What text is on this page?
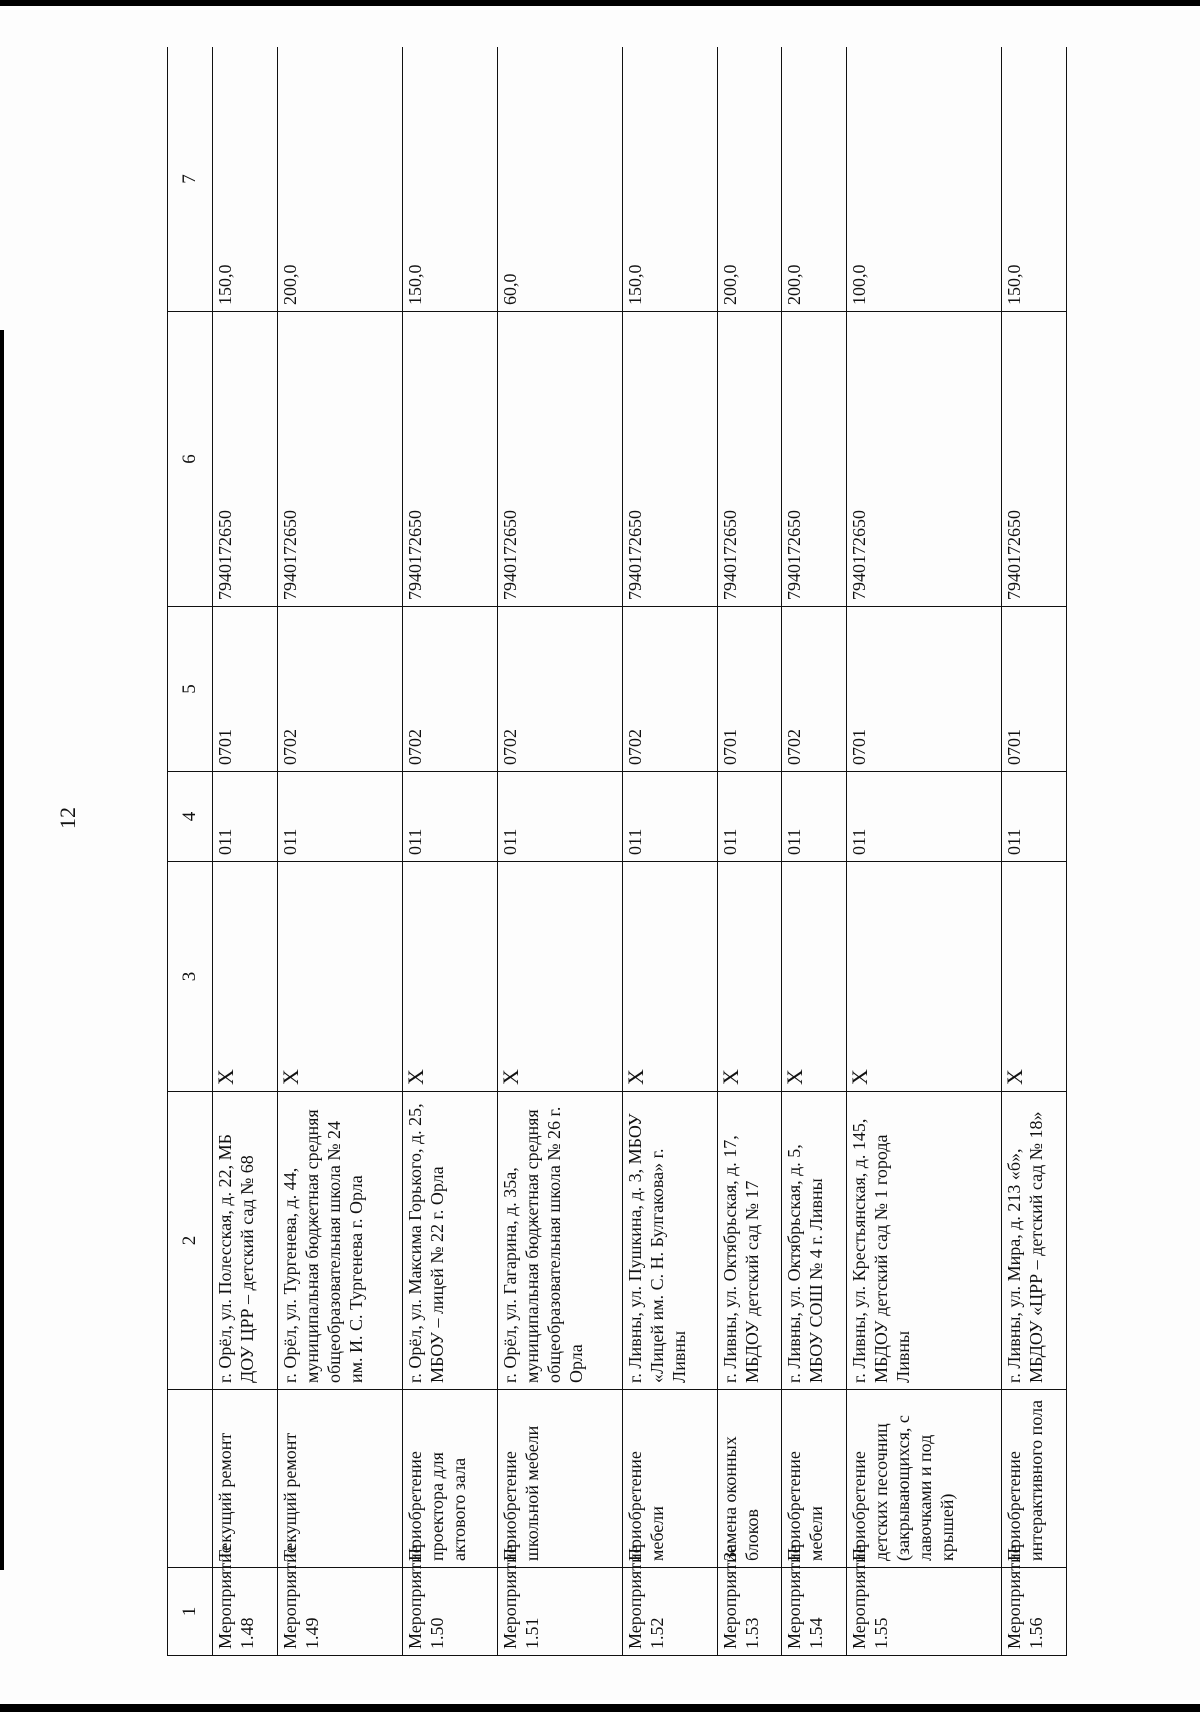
12
1		2	3	4	5	6	7
Мероприятие 1.48	Текущий ремонт	г. Орёл, ул. Полесская, д. 22, МБ ДОУ ЦРР – детский сад № 68	X	011	0701	7940172650	150,0
Мероприятие 1.49	Текущий ремонт	г. Орёл, ул. Тургенева, д. 44, муниципальная бюджетная средняя общеобразовательная школа № 24 им. И. С. Тургенева г. Орла	X	011	0702	7940172650	200,0
Мероприятие 1.50	Приобретение проектора для актового зала	г. Орёл, ул. Максима Горького, д. 25, МБОУ – лицей № 22 г. Орла	X	011	0702	7940172650	150,0
Мероприятие 1.51	Приобретение школьной мебели	г. Орёл, ул. Гагарина, д. 35а, муниципальная бюджетная средняя общеобразовательная школа № 26 г. Орла	X	011	0702	7940172650	60,0
Мероприятие 1.52	Приобретение мебели	г. Ливны, ул. Пушкина, д. 3, МБОУ «Лицей им. С. Н. Булгакова» г. Ливны	X	011	0702	7940172650	150,0
Мероприятие 1.53	Замена оконных блоков	г. Ливны, ул. Октябрьская, д. 17, МБДОУ детский сад № 17	X	011	0701	7940172650	200,0
Мероприятие 1.54	Приобретение мебели	г. Ливны, ул. Октябрьская, д. 5, МБОУ СОШ № 4 г. Ливны	X	011	0702	7940172650	200,0
Мероприятие 1.55	Приобретение детских песочниц (закрывающихся, с лавочками и под крышей)	г. Ливны, ул. Крестьянская, д. 145, МБДОУ детский сад № 1 города Ливны	X	011	0701	7940172650	100,0
Мероприятие 1.56	Приобретение интерактивного пола	г. Ливны, ул. Мира, д. 213 «б», МБДОУ «ЦРР – детский сад № 18»	X	011	0701	7940172650	150,0
